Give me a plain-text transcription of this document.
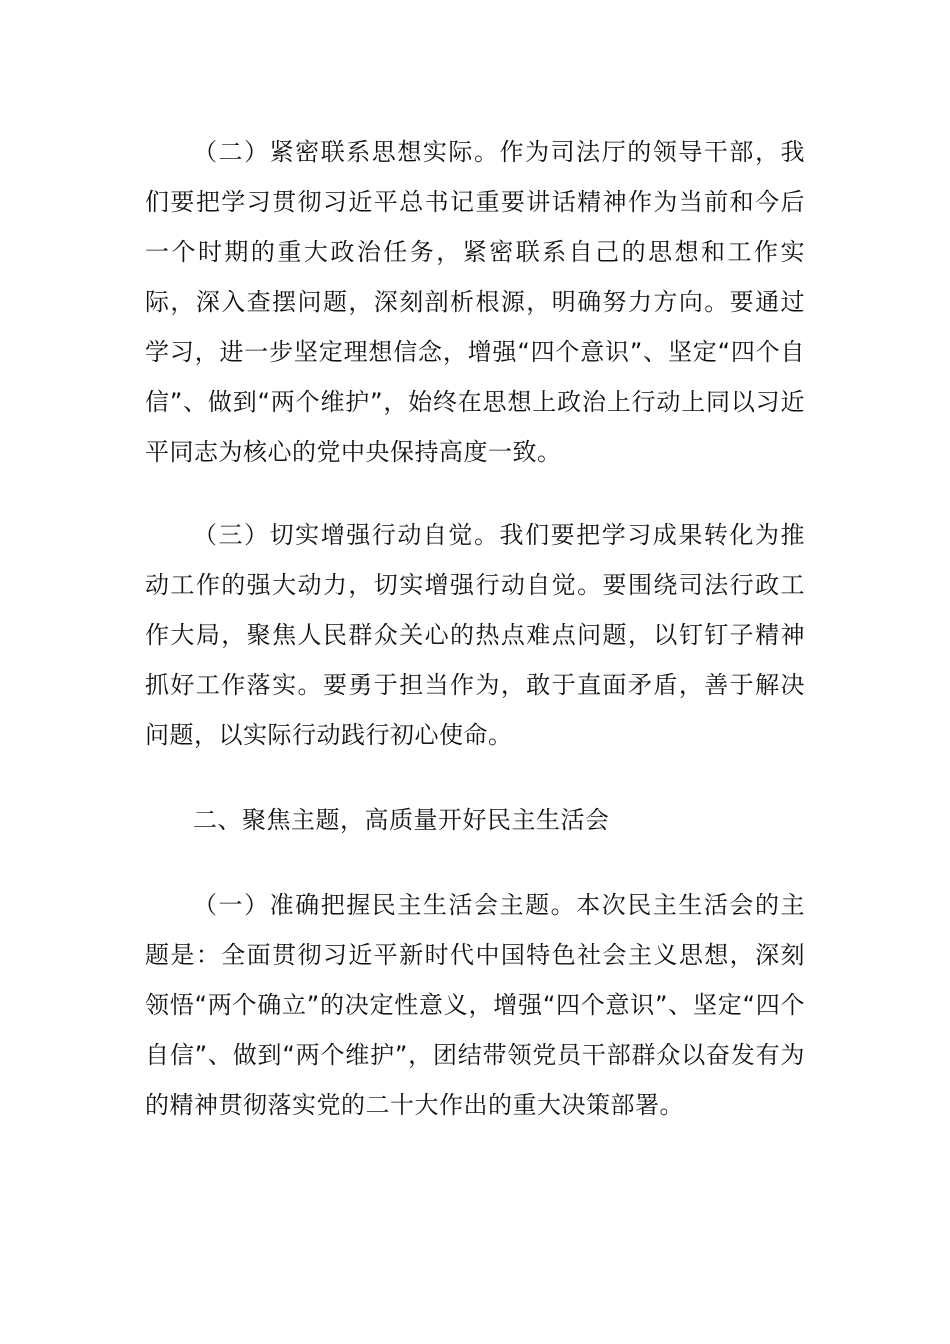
（二）紧密联系思想实际。作为司法厅的领导干部，我们要把学习贯彻习近平总书记重要讲话精神作为当前和今后一个时期的重大政治任务，紧密联系自己的思想和工作实际，深入查摆问题，深刻剖析根源，明确努力方向。要通过学习，进一步坚定理想信念，增强“四个意识”、坚定“四个自信”、做到“两个维护”，始终在思想上政治上行动上同以习近平同志为核心的党中央保持高度一致。

（三）切实增强行动自觉。我们要把学习成果转化为推动工作的强大动力，切实增强行动自觉。要围绕司法行政工作大局，聚焦人民群众关心的热点难点问题，以钉钉子精神抓好工作落实。要勇于担当作为，敢于直面矛盾，善于解决问题，以实际行动践行初心使命。

二、聚焦主题，高质量开好民主生活会

（一）准确把握民主生活会主题。本次民主生活会的主题是：全面贯彻习近平新时代中国特色社会主义思想，深刻领悟“两个确立”的决定性意义，增强“四个意识”、坚定“四个自信”、做到“两个维护”，团结带领党员干部群众以奋发有为的精神贯彻落实党的二十大作出的重大决策部署。
